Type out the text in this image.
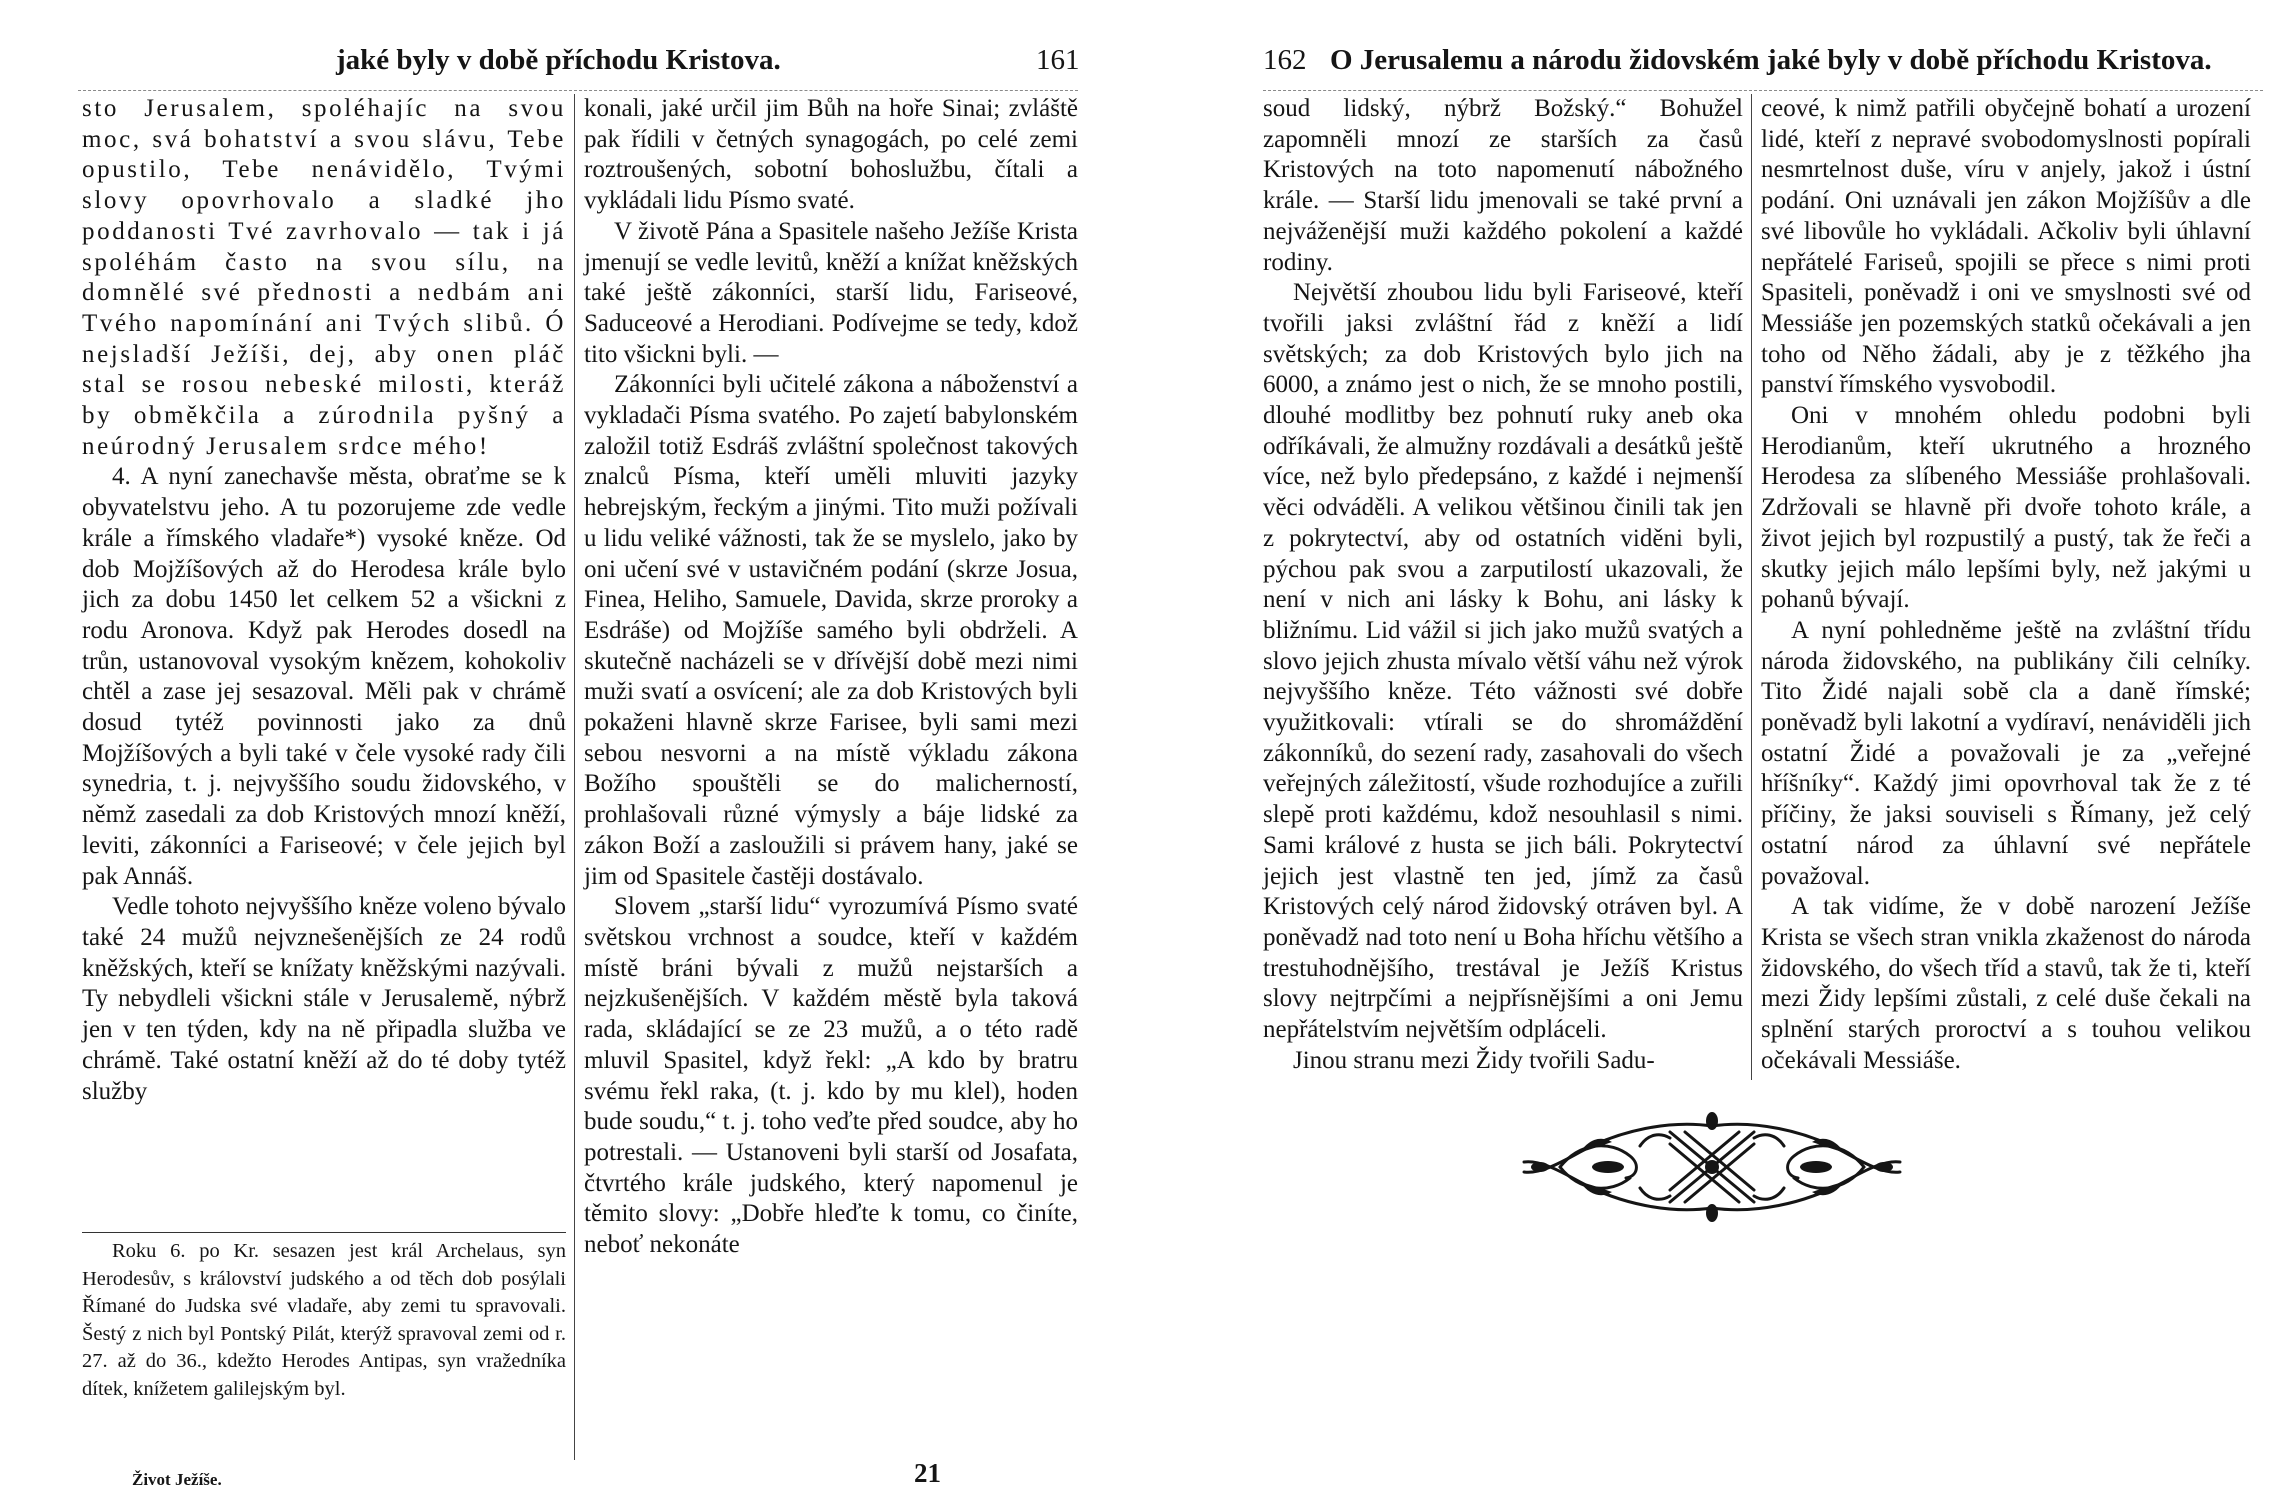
jaké byly v době příchodu Kristova.	161

sto Jerusalem, spoléhajíc na svou moc, svá bohatství a svou slávu, Tebe opustilo, Tebe nenávidělo, Tvými slovy opovrhovalo a sladké jho poddanosti Tvé zavrhovalo — tak i já spoléhám často na svou sílu, na domnělé své přednosti a nedbám ani Tvého napomínání ani Tvých slibů. Ó nejsladší Ježíši, dej, aby onen pláč stal se rosou nebeské milosti, kteráž by obměkčila a zúrodnila pyšný a neúrodný Jerusalem srdce mého!

4. A nyní zanechavše města, obraťme se k obyvatelstvu jeho. A tu pozorujeme zde vedle krále a římského vladaře*) vysoké kněze. Od dob Mojžíšových až do Herodesa krále bylo jich za dobu 1450 let celkem 52 a všickni z rodu Aronova. Když pak Herodes dosedl na trůn, ustanovoval vysokým knězem, kohokoliv chtěl a zase jej sesazoval. Měli pak v chrámě dosud tytéž povinnosti jako za dnů Mojžíšových a byli také v čele vysoké rady čili synedria, t. j. nejvyššího soudu židovského, v němž zasedali za dob Kristových mnozí kněží, leviti, zákonníci a Fariseové; v čele jejich byl pak Annáš.

Vedle tohoto nejvyššího kněze voleno bývalo také 24 mužů nejvznešenějších ze 24 rodů kněžských, kteří se knížaty kněžskými nazývali. Ty nebydleli všickni stále v Jerusalemě, nýbrž jen v ten týden, kdy na ně připadla služba ve chrámě. Také ostatní kněží až do té doby tytéž služby

Roku 6. po Kr. sesazen jest král Archelaus, syn Herodesův, s království judského a od těch dob posýlali Římané do Judska své vladaře, aby zemi tu spravovali. Šestý z nich byl Pontský Pilát, kterýž spravoval zemi od r. 27. až do 36., kdežto Herodes Antipas, syn vražedníka dítek, knížetem galilejským byl.

Život Ježíše.	21

konali, jaké určil jim Bůh na hoře Sinai; zvláště pak řídili v četných synagogách, po celé zemi roztroušených, sobotní bohoslužbu, čítali a vykládali lidu Písmo svaté.

V životě Pána a Spasitele našeho Ježíše Krista jmenují se vedle levitů, kněží a knížat kněžských také ještě zákonníci, starší lidu, Fariseové, Saduceové a Herodiani. Podívejme se tedy, kdož tito všickni byli. —

Zákonníci byli učitelé zákona a náboženství a vykladači Písma svatého. Po zajetí babylonském založil totiž Esdráš zvláštní společnost takových znalců Písma, kteří uměli mluviti jazyky hebrejským, řeckým a jinými. Tito muži požívali u lidu veliké vážnosti, tak že se myslelo, jako by oni učení své v ustavičném podání (skrze Josua, Finea, Heliho, Samuele, Davida, skrze proroky a Esdráše) od Mojžíše samého byli obdrželi. A skutečně nacházeli se v dřívější době mezi nimi muži svatí a osvícení; ale za dob Kristových byli pokaženi hlavně skrze Farisee, byli sami mezi sebou nesvorni a na místě výkladu zákona Božího spouštěli se do malicherností, prohlašovali různé výmysly a báje lidské za zákon Boží a zasloužili si právem hany, jaké se jim od Spasitele častěji dostávalo.

Slovem „starší lidu“ vyrozumívá Písmo svaté světskou vrchnost a soudce, kteří v každém místě bráni bývali z mužů nejstarších a nejzkušenějších. V každém městě byla taková rada, skládající se ze 23 mužů, a o této radě mluvil Spasitel, když řekl: „A kdo by bratru svému řekl raka, (t. j. kdo by mu klel), hoden bude soudu,“ t. j. toho veďte před soudce, aby ho potrestali. — Ustanoveni byli starší od Josafata, čtvrtého krále judského, který napomenul je těmito slovy: „Dobře hleďte k tomu, co činíte, neboť nekonáte

162 O Jerusalemu a národu židovském jaké byly v době příchodu Kristova.

soud lidský, nýbrž Božský.“ Bohužel zapomněli mnozí ze starších za časů Kristových na toto napomenutí nábožného krále. — Starší lidu jmenovali se také první a nejváženější muži každého pokolení a každé rodiny.

Největší zhoubou lidu byli Fariseové, kteří tvořili jaksi zvláštní řád z kněží a lidí světských; za dob Kristových bylo jich na 6000, a známo jest o nich, že se mnoho postili, dlouhé modlitby bez pohnutí ruky aneb oka odříkávali, že almužny rozdávali a desátků ještě více, než bylo předepsáno, z každé i nejmenší věci odváděli. A velikou většinou činili tak jen z pokrytectví, aby od ostatních viděni byli, pýchou pak svou a zarputilostí ukazovali, že není v nich ani lásky k Bohu, ani lásky k bližnímu. Lid vážil si jich jako mužů svatých a slovo jejich zhusta mívalo větší váhu než výrok nejvyššího kněze. Této vážnosti své dobře využitkovali: vtírali se do shromáždění zákonníků, do sezení rady, zasahovali do všech veřejných záležitostí, všude rozhodujíce a zuřili slepě proti každému, kdož nesouhlasil s nimi. Sami králové z husta se jich báli. Pokrytectví jejich jest vlastně ten jed, jímž za časů Kristových celý národ židovský otráven byl. A poněvadž nad toto není u Boha hříchu většího a trestuhodnějšího, trestával je Ježíš Kristus slovy nejtrpčími a nejpřísnějšími a oni Jemu nepřátelstvím největším odpláceli.

Jinou stranu mezi Židy tvořili Sadu-

ceové, k nimž patřili obyčejně bohatí a urození lidé, kteří z nepravé svobodomyslnosti popírali nesmrtelnost duše, víru v anjely, jakož i ústní podání. Oni uznávali jen zákon Mojžíšův a dle své libovůle ho vykládali. Ačkoliv byli úhlavní nepřátelé Fariseů, spojili se přece s nimi proti Spasiteli, poněvadž i oni ve smyslnosti své od Messiáše jen pozemských statků očekávali a jen toho od Něho žádali, aby je z těžkého jha panství římského vysvobodil.

Oni v mnohém ohledu podobni byli Herodianům, kteří ukrutného a hrozného Herodesa za slíbeného Messiáše prohlašovali. Zdržovali se hlavně při dvoře tohoto krále, a život jejich byl rozpustilý a pustý, tak že řeči a skutky jejich málo lepšími byly, než jakými u pohanů bývají.

A nyní pohledněme ještě na zvláštní třídu národa židovského, na publikány čili celníky. Tito Židé najali sobě cla a daně římské; poněvadž byli lakotní a vydíraví, nenáviděli jich ostatní Židé a považovali je za „veřejné hříšníky“. Každý jimi opovrhoval tak že z té příčiny, že jaksi souviseli s Římany, jež celý ostatní národ za úhlavní své nepřátele považoval.

A tak vidíme, že v době narození Ježíše Krista se všech stran vnikla zkaženost do národa židovského, do všech tříd a stavů, tak že ti, kteří mezi Židy lepšími zůstali, z celé duše čekali na splnění starých proroctví a s touhou velikou očekávali Messiáše.
